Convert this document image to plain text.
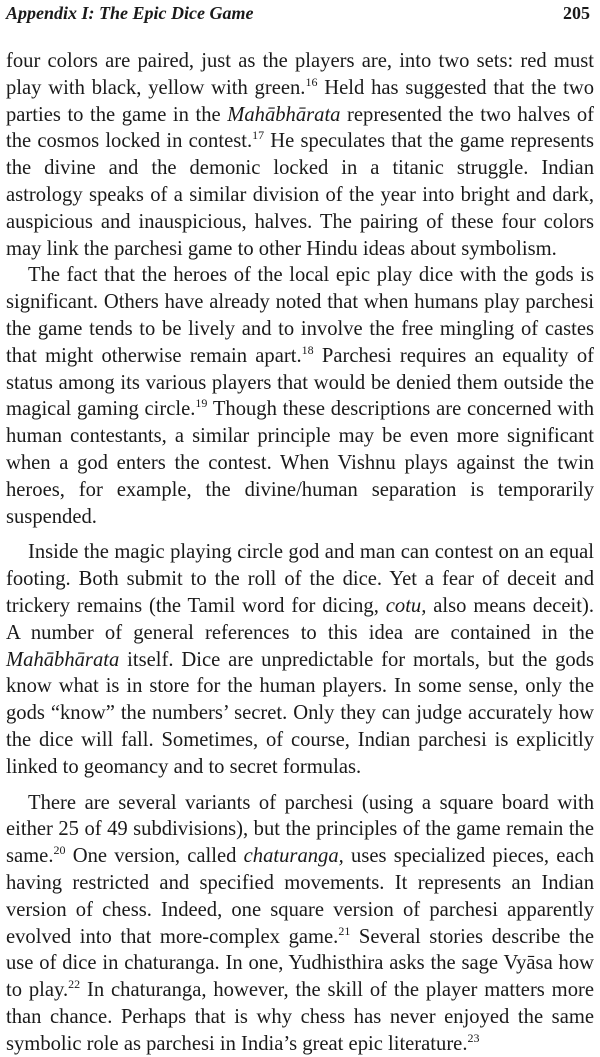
Appendix I: The Epic Dice Game	205

four colors are paired, just as the players are, into two sets: red must play with black, yellow with green.$^{16}$ Held has suggested that the two parties to the game in the Mahābhārata represented the two halves of the cosmos locked in contest.$^{17}$ He speculates that the game represents the divine and the demonic locked in a titanic struggle. Indian astrology speaks of a similar division of the year into bright and dark, auspicious and inauspicious, halves. The pairing of these four colors may link the parchesi game to other Hindu ideas about symbolism.

The fact that the heroes of the local epic play dice with the gods is significant. Others have already noted that when humans play parchesi the game tends to be lively and to involve the free mingling of castes that might otherwise remain apart.$^{18}$ Parchesi requires an equality of status among its various players that would be denied them outside the magical gaming circle.$^{19}$ Though these descriptions are concerned with human contestants, a similar principle may be even more significant when a god enters the contest. When Vishnu plays against the twin heroes, for example, the divine/human separation is temporarily suspended.

Inside the magic playing circle god and man can contest on an equal footing. Both submit to the roll of the dice. Yet a fear of deceit and trickery remains (the Tamil word for dicing, cotu, also means deceit). A number of general references to this idea are contained in the Mahābhārata itself. Dice are unpredictable for mortals, but the gods know what is in store for the human players. In some sense, only the gods “know” the numbers’ secret. Only they can judge accurately how the dice will fall. Sometimes, of course, Indian parchesi is explicitly linked to geomancy and to secret formulas.

There are several variants of parchesi (using a square board with either 25 of 49 subdivisions), but the principles of the game remain the same.$^{20}$ One version, called chaturanga, uses specialized pieces, each having restricted and specified movements. It represents an Indian version of chess. Indeed, one square version of parchesi apparently evolved into that more-complex game.$^{21}$ Several stories describe the use of dice in chaturanga. In one, Yudhisthira asks the sage Vyāsa how to play.$^{22}$ In chaturanga, however, the skill of the player matters more than chance. Perhaps that is why chess has never enjoyed the same symbolic role as parchesi in India’s great epic literature.$^{23}$
